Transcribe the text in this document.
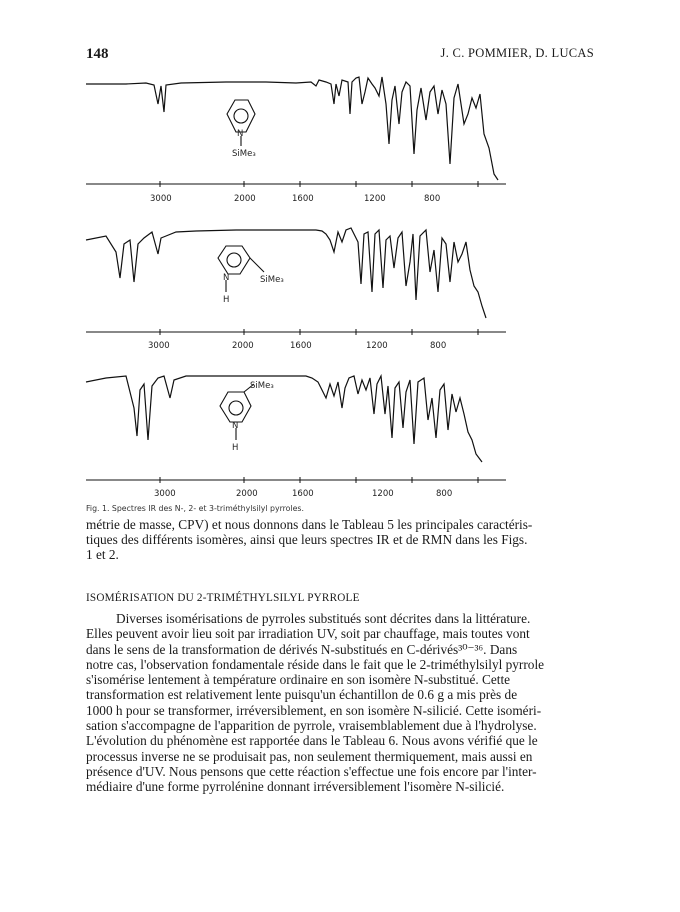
148	J. C. POMMIER, D. LUCAS
3000	2000	1600	1200	800
N
SiMe₃
3000	2000	1600	1200	800
N	SiMe₃
H
3000	2000	1600	1200	800
N
SiMe₃
H
Fig. 1. Spectres IR des N-, 2- et 3-triméthylsilyl pyrroles.
métrie de masse, CPV) et nous donnons dans le Tableau 5 les principales caractéris-
tiques des différents isomères, ainsi que leurs spectres IR et de RMN dans les Figs.
1 et 2.
ISOMÉRISATION DU 2-TRIMÉTHYLSILYL PYRROLE
Diverses isomérisations de pyrroles substitués sont décrites dans la littérature.
Elles peuvent avoir lieu soit par irradiation UV, soit par chauffage, mais toutes vont
dans le sens de la transformation de dérivés N-substitués en C-dérivés³⁰⁻³⁶. Dans
notre cas, l'observation fondamentale réside dans le fait que le 2-triméthylsilyl pyrrole
s'isomérise lentement à température ordinaire en son isomère N-substitué. Cette
transformation est relativement lente puisqu'un échantillon de 0.6 g a mis près de
1000 h pour se transformer, irréversiblement, en son isomère N-silicié. Cette isoméri-
sation s'accompagne de l'apparition de pyrrole, vraisemblablement due à l'hydrolyse.
L'évolution du phénomène est rapportée dans le Tableau 6. Nous avons vérifié que le
processus inverse ne se produisait pas, non seulement thermiquement, mais aussi en
présence d'UV. Nous pensons que cette réaction s'effectue une fois encore par l'inter-
médiaire d'une forme pyrrolénine donnant irréversiblement l'isomère N-silicié.
